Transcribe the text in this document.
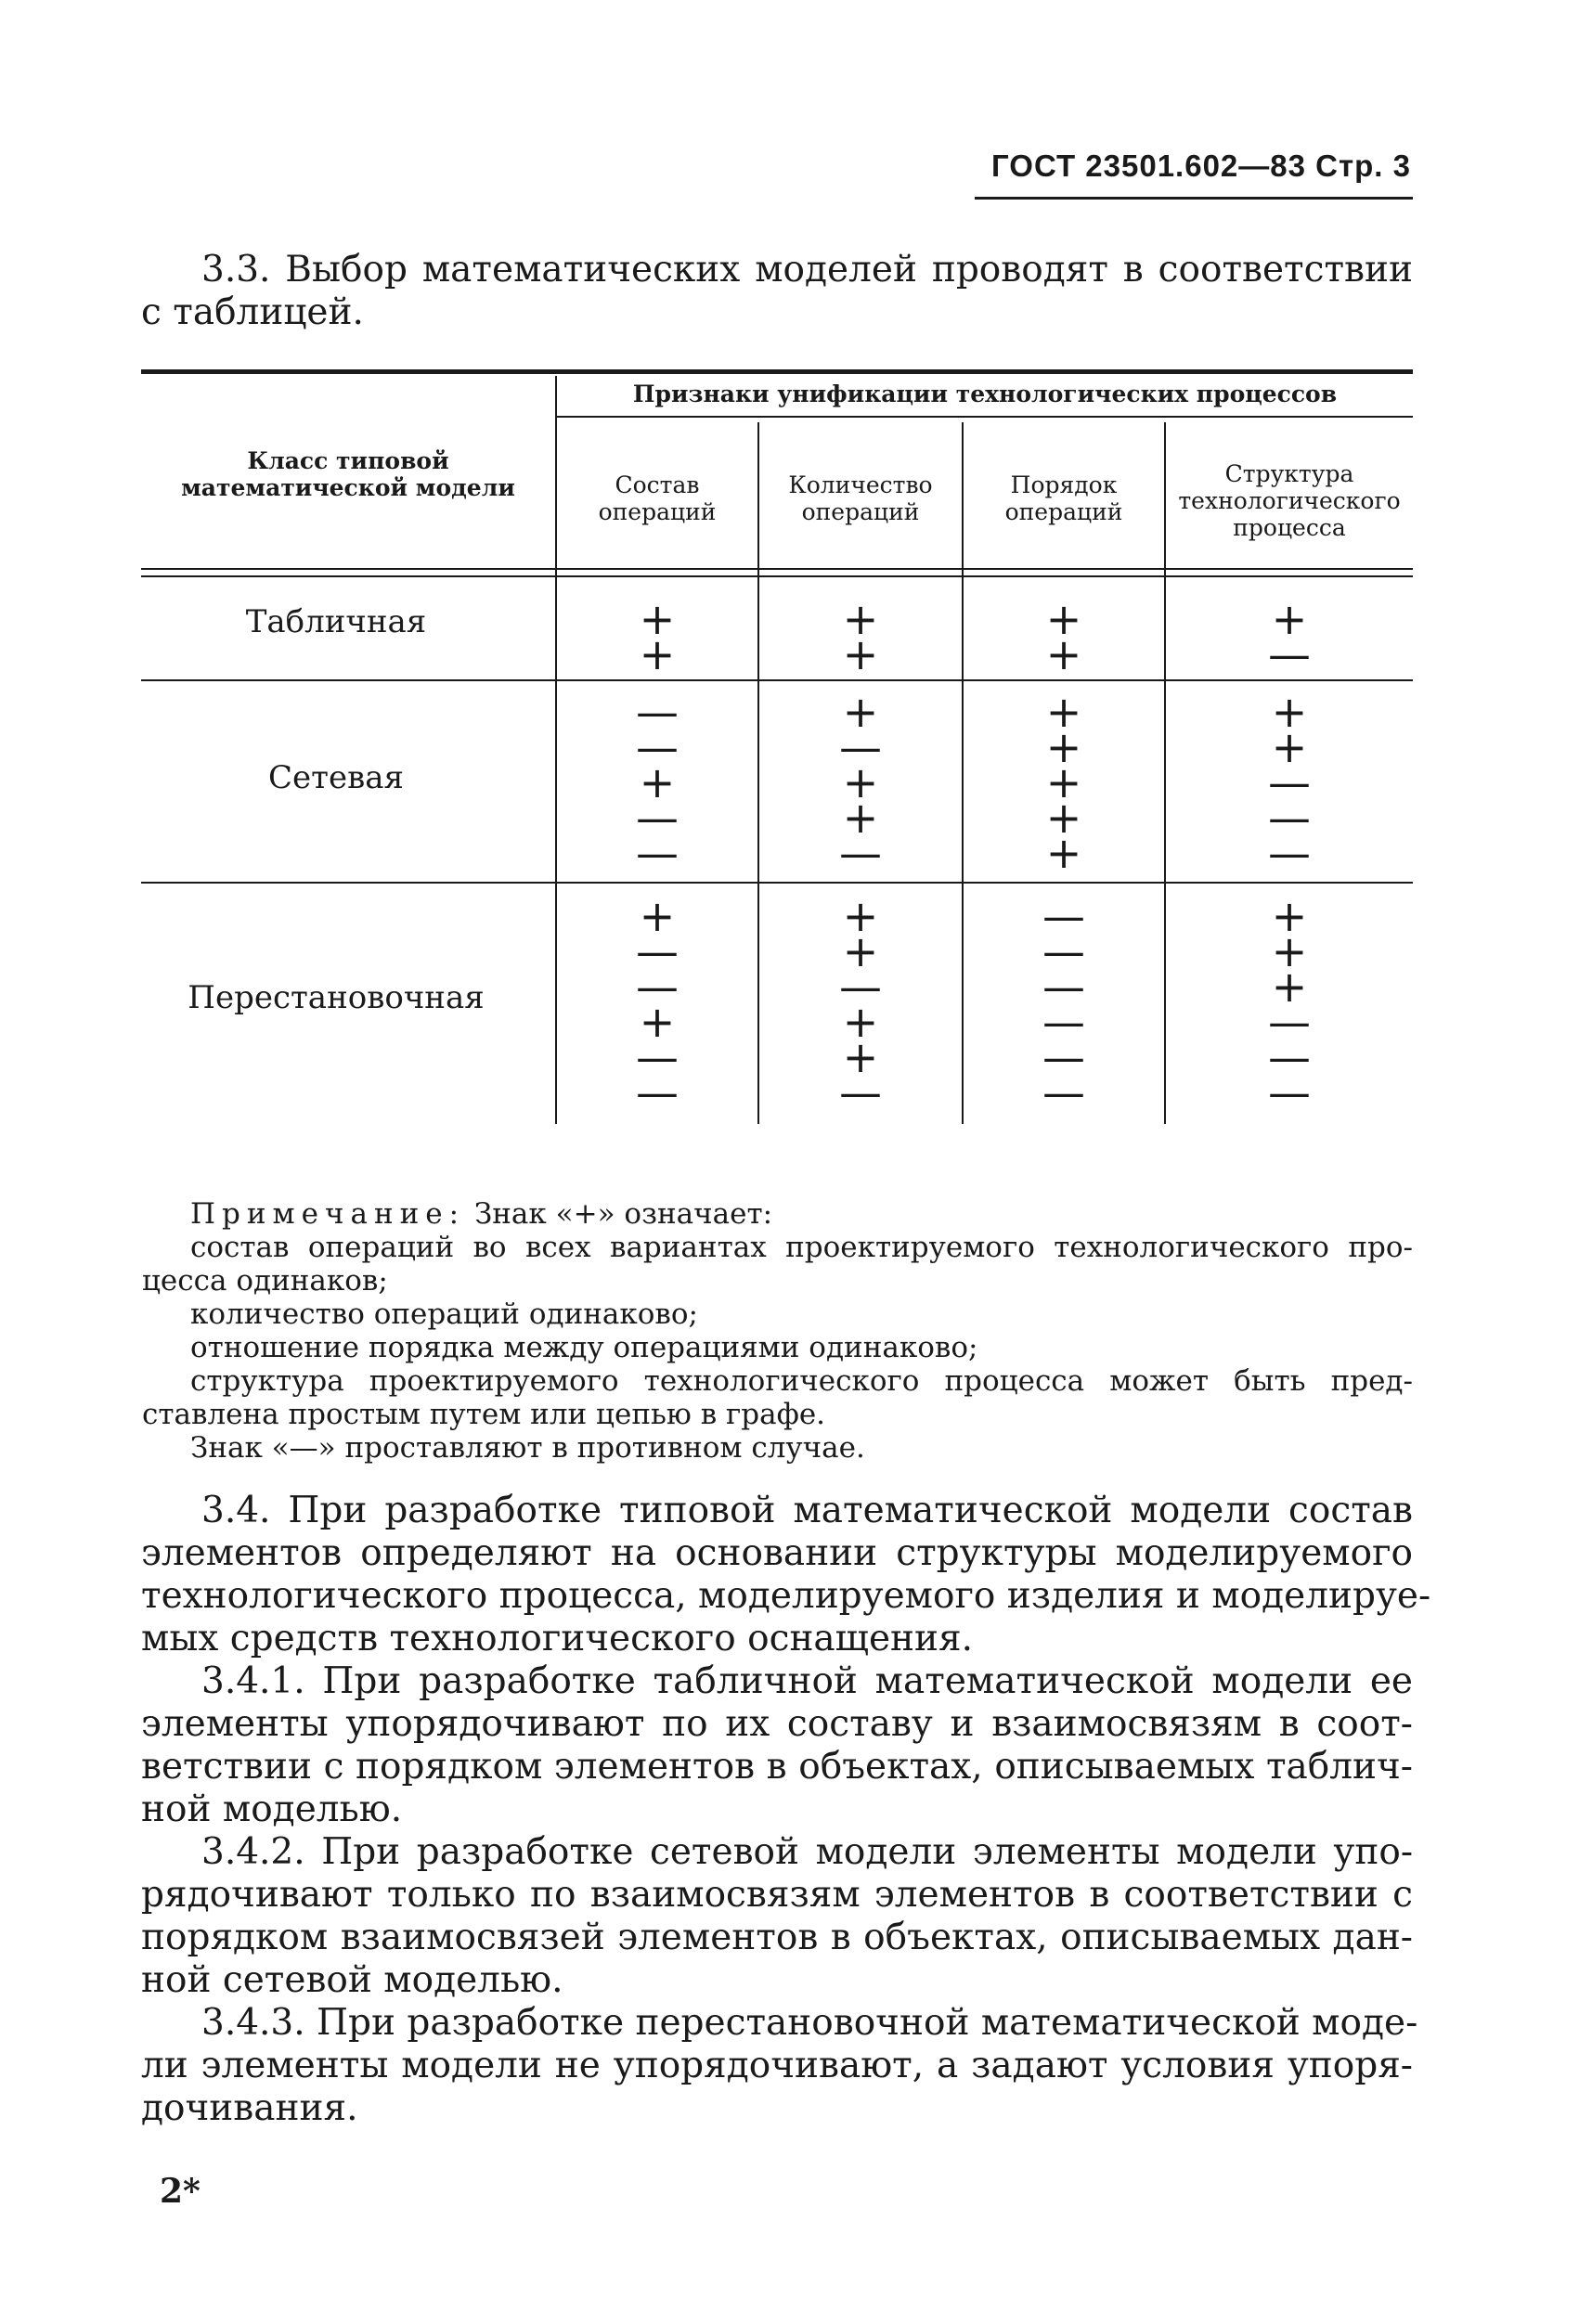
ГОСТ 23501.602—83 Стр. 3
3.3. Выбор математических моделей проводят в соответствии
с таблицей.
Класс типовой
математической модели
Признаки унификации технологических процессов
Состав
операций
Количество
операций
Порядок
операций
Структура
технологического
процесса
Табличная
Сетевая
Перестановочная
+
+
+
+
+
+
+
—
—
—
+
—
—
+
—
+
+
—
+
+
+
+
+
+
+
—
—
—
+
—
—
+
—
—
+
+
—
+
+
—
—
—
—
—
—
—
+
+
+
—
—
—
Примечание: Знак «+» означает:
состав операций во всех вариантах проектируемого технологического про-
цесса одинаков;
количество операций одинаково;
отношение порядка между операциями одинаково;
структура проектируемого технологического процесса может быть пред-
ставлена простым путем или цепью в графе.
Знак «—» проставляют в противном случае.
3.4. При разработке типовой математической модели состав
элементов определяют на основании структуры моделируемого
технологического процесса, моделируемого изделия и моделируе-
мых средств технологического оснащения.
3.4.1. При разработке табличной математической модели ее
элементы упорядочивают по их составу и взаимосвязям в соот-
ветствии с порядком элементов в объектах, описываемых таблич-
ной моделью.
3.4.2. При разработке сетевой модели элементы модели упо-
рядочивают только по взаимосвязям элементов в соответствии с
порядком взаимосвязей элементов в объектах, описываемых дан-
ной сетевой моделью.
3.4.3. При разработке перестановочной математической моде-
ли элементы модели не упорядочивают, а задают условия упоря-
дочивания.
2*
